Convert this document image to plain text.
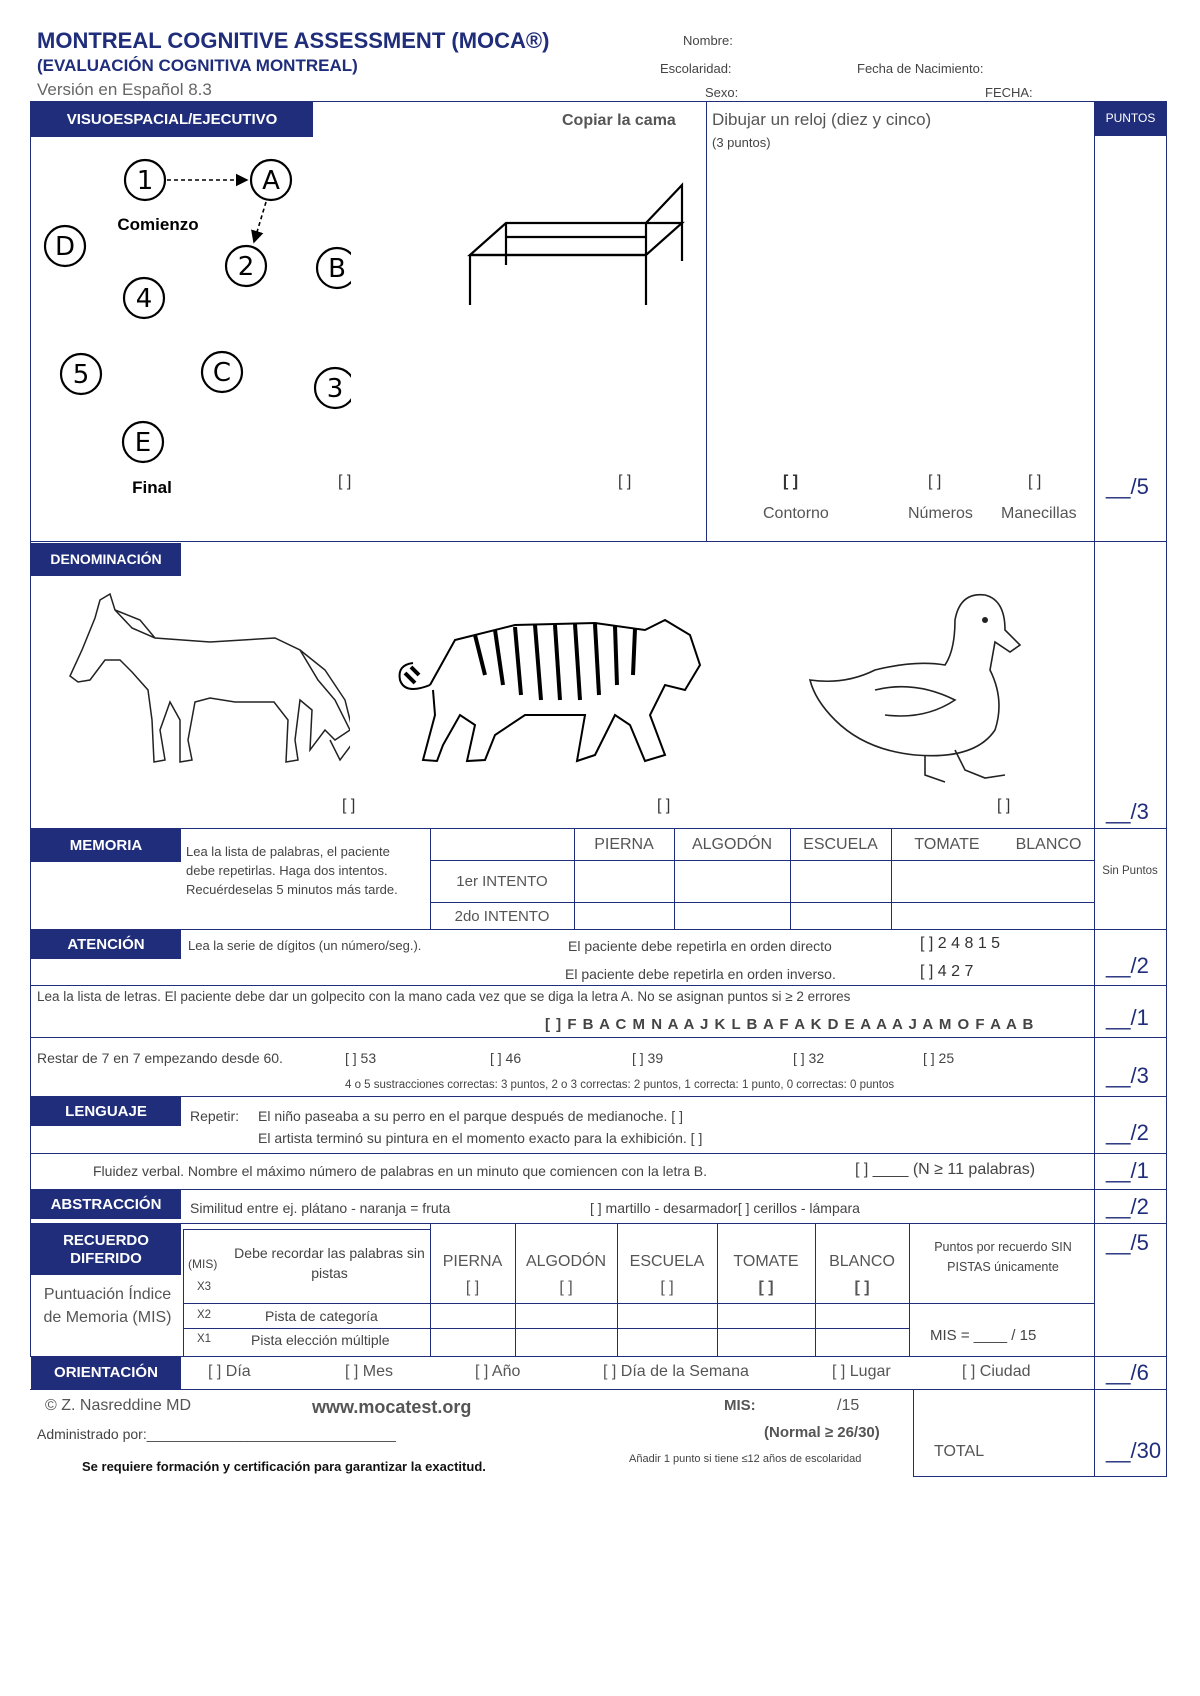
MONTREAL COGNITIVE ASSESSMENT (MOCA®)
(EVALUACIÓN COGNITIVA MONTREAL)
Versión en Español 8.3
Nombre:
Escolaridad:	Fecha de Nacimiento:
Sexo:	FECHA:
PUNTOS
VISUOESPACIAL/EJECUTIVO	Copiar la cama Dibujar un reloj (diez y cinco)
(3 puntos)
1	A
2	B
D
4
5	C
3
E
Comienzo
Final	[ ]	[ ]	[ ]	[ ]	[ ]
Contorno	Números Manecillas
__/5
DENOMINACIÓN
[ ]	[ ]	[ ]	__/3
MEMORIA	Lea la lista de palabras, el paciente debe repetirlas. Haga dos intentos. Recuérdeselas 5 minutos más tarde.
PIERNA	ALGODÓN	ESCUELA	TOMATE	BLANCO
1er INTENTO
2do INTENTO
Sin Puntos
ATENCIÓN	Lea la serie de dígitos (un número/seg.).	El paciente debe repetirla en orden directo	[ ] 2 4 8 1 5
El paciente debe repetirla en orden inverso.	[ ] 4 2 7	__/2
Lea la lista de letras. El paciente debe dar un golpecito con la mano cada vez que se diga la letra A. No se asignan puntos si ≥ 2 errores
[ ] F B A C M N A A J K L B A F A K D E A A A J A M O F A A B	__/1
Restar de 7 en 7 empezando desde 60.	[ ] 53	[ ] 46	[ ] 39	[ ] 32	[ ] 25
4 o 5 sustracciones correctas: 3 puntos, 2 o 3 correctas: 2 puntos, 1 correcta: 1 punto, 0 correctas: 0 puntos	__/3
LENGUAJE	Repetir: El niño paseaba a su perro en el parque después de medianoche. [ ]
El artista terminó su pintura en el momento exacto para la exhibición. [ ]	__/2
Fluidez verbal. Nombre el máximo número de palabras en un minuto que comiencen con la letra B.	[ ] ____ (N ≥ 11 palabras)	__/1
ABSTRACCIÓN	Similitud entre ej. plátano - naranja = fruta	[ ] martillo - desarmador[ ] cerillos - lámpara	__/2
RECUERDO DIFERIDO
Puntuación Índice de Memoria (MIS)
(MIS)
Debe recordar las palabras sin pistas
X3
X2	Pista de categoría
X1	Pista elección múltiple
PIERNA	ALGODÓN	ESCUELA	TOMATE	BLANCO
[ ]	[ ]	[ ]	[ ]	[ ]
Puntos por recuerdo SIN PISTAS únicamente
MIS = ____ / 15
__/5
ORIENTACIÓN	[ ] Día	[ ] Mes	[ ] Año	[ ] Día de la Semana	[ ] Lugar	[ ] Ciudad	__/6
© Z. Nasreddine MD	www.mocatest.org
Administrado por:________________________________
Se requiere formación y certificación para garantizar la exactitud.
MIS:	/15
(Normal ≥ 26/30)
Añadir 1 punto si tiene ≤12 años de escolaridad	TOTAL	__/30
